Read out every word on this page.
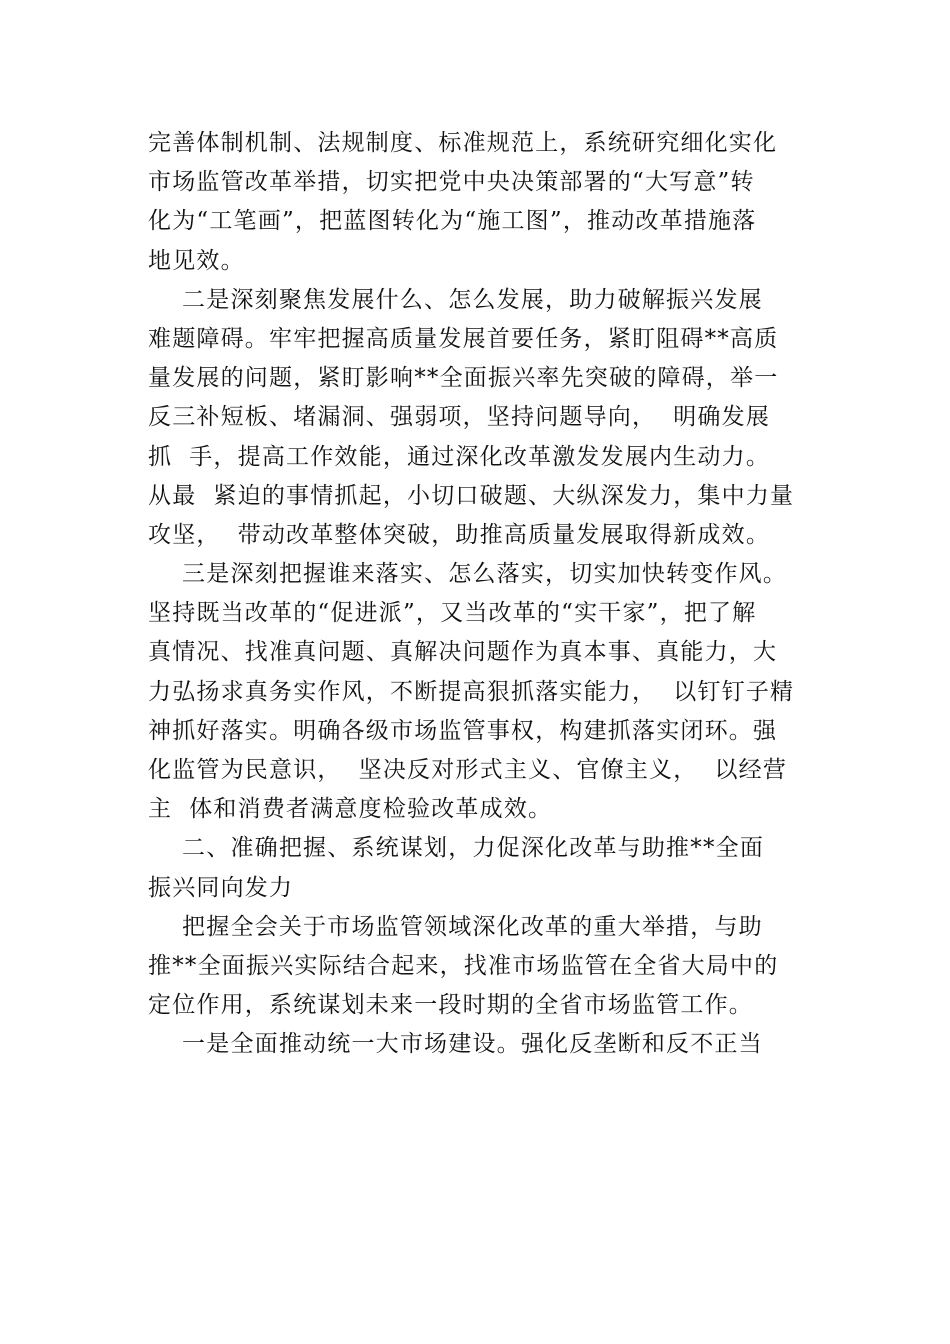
完善体制机制、法规制度、标准规范上，系统研究细化实化
市场监管改革举措，切实把党中央决策部署的“大写意”转
化为“工笔画”，把蓝图转化为“施工图”，推动改革措施落
地见效。
二是深刻聚焦发展什么、怎么发展，助力破解振兴发展
难题障碍。牢牢把握高质量发展首要任务，紧盯阻碍**高质
量发展的问题，紧盯影响**全面振兴率先突破的障碍，举一
反三补短板、堵漏洞、强弱项，坚持问题导向，  明确发展
抓  手，提高工作效能，通过深化改革激发发展内生动力。
从最  紧迫的事情抓起，小切口破题、大纵深发力，集中力量
攻坚，  带动改革整体突破，助推高质量发展取得新成效。
三是深刻把握谁来落实、怎么落实，切实加快转变作风。
坚持既当改革的“促进派”，又当改革的“实干家”，把了解
真情况、找准真问题、真解决问题作为真本事、真能力，大
力弘扬求真务实作风，不断提高狠抓落实能力，  以钉钉子精
神抓好落实。明确各级市场监管事权，构建抓落实闭环。强
化监管为民意识，  坚决反对形式主义、官僚主义，  以经营
主  体和消费者满意度检验改革成效。
二、准确把握、系统谋划，力促深化改革与助推**全面
振兴同向发力
把握全会关于市场监管领域深化改革的重大举措，与助
推**全面振兴实际结合起来，找准市场监管在全省大局中的
定位作用，系统谋划未来一段时期的全省市场监管工作。
一是全面推动统一大市场建设。强化反垄断和反不正当
